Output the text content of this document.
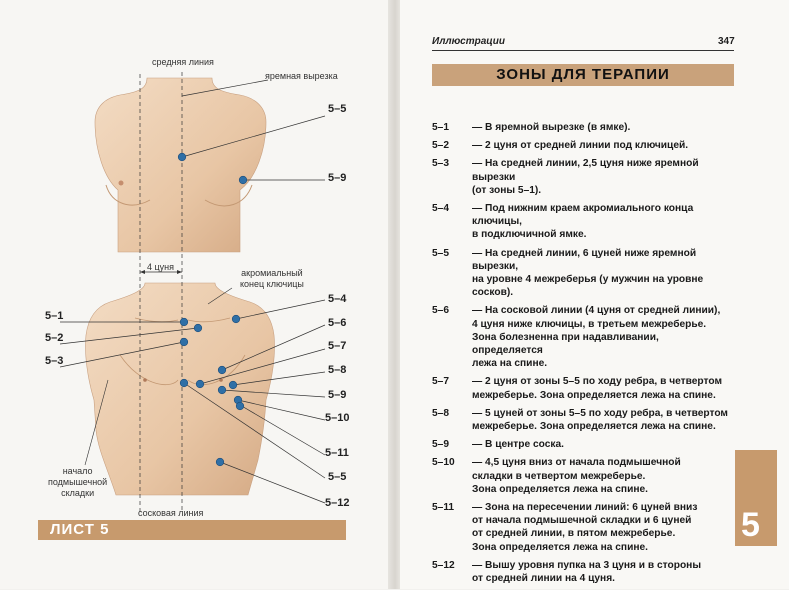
средняя линия
яремная вырезка
4 цуня
акромиальный
конец ключицы
начало
подмышечной
складки
сосковая линия
5–5
5–9
5–1
5–2
5–3
5–4
5–6
5–7
5–8
5–9
5–10
5–11
5–5
5–12
ЛИСТ 5
Иллюстрации	347
ЗОНЫ ДЛЯ ТЕРАПИИ
5–1	— В яремной вырезке (в ямке).
5–2	— 2 цуня от средней линии под ключицей.
5–3	— На средней линии, 2,5 цуня ниже яремной вырезки
(от зоны 5–1).
5–4	— Под нижним краем акромиального конца ключицы,
в подключичной ямке.
5–5	— На средней линии, 6 цуней ниже яремной вырезки,
на уровне 4 межреберья (у мужчин на уровне
сосков).
5–6	— На сосковой линии (4 цуня от средней линии),
4 цуня ниже ключицы, в третьем межреберье.
Зона болезненна при надавливании, определяется
лежа на спине.
5–7	— 2 цуня от зоны 5–5 по ходу ребра, в четвертом
межреберье. Зона определяется лежа на спине.
5–8	— 5 цуней от зоны 5–5 по ходу ребра, в четвертом
межреберье. Зона определяется лежа на спине.
5–9	— В центре соска.
5–10	— 4,5 цуня вниз от начала подмышечной
складки в четвертом межреберье.
Зона определяется лежа на спине.
5–11	— Зона на пересечении линий: 6 цуней вниз
от начала подмышечной складки и 6 цуней
от средней линии, в пятом межреберье.
Зона определяется лежа на спине.
5–12	— Вышу уровня пупка на 3 цуня и в стороны
от средней линии на 4 цуня.
5
